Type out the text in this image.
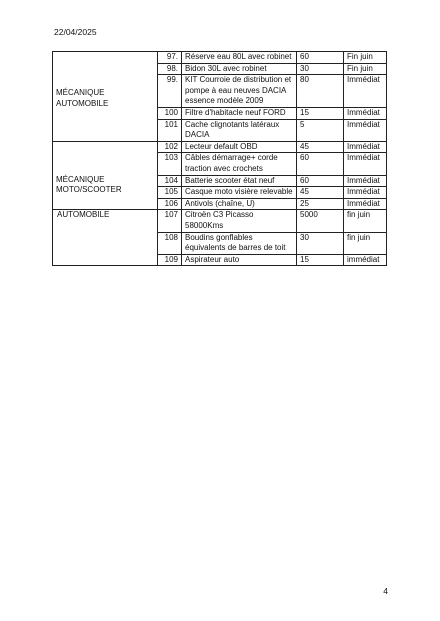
22/04/2025
MÉCANIQUE
AUTOMOBILE	97.	Réserve eau 80L avec robinet	60	Fin juin
	98.	Bidon 30L avec robinet	30	Fin juin
	99.	KIT Courroie de distribution et pompe à eau neuves DACIA essence modèle 2009	80	Immédiat
	100	Filtre d'habitacle neuf FORD	15	Immédiat
	101	Cache clignotants latéraux DACIA	5	Immédiat

MÉCANIQUE
MOTO/SCOOTER	102	Lecteur default OBD	45	Immédiat
	103	Câbles démarrage+ corde traction avec crochets	60	Immédiat
	104	Batterie scooter état neuf	60	Immédiat
	105	Casque moto visière relevable	45	Immédiat
	106	Antivols (chaîne, U)	25	Immédiat

AUTOMOBILE	107	Citroën C3 Picasso 58000Kms	5000	fin juin
	108	Boudins gonflables équivalents de barres de toit	30	fin juin
	109	Aspirateur auto	15	immédiat
4
